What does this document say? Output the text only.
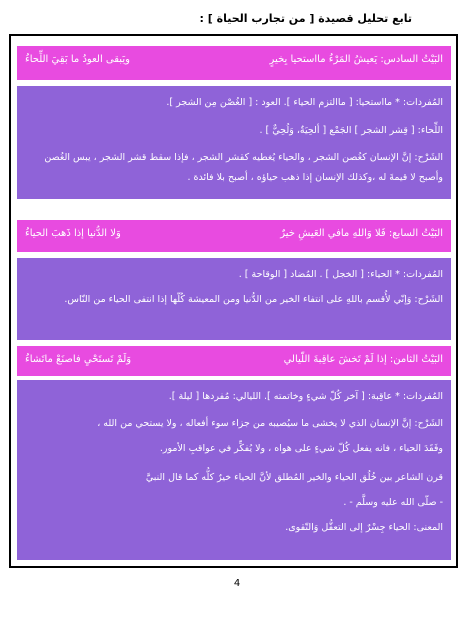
تابع تحليل قصيدة [ من تجارب الحياة ] :
البَيْتُ السادس: يَعيشُ المَرْءُ مااستحيا بِخيرٍ
ويَبقى العودُ ما بَقِيَ اللِّحاءُ
المُفردات: * مااستحيا: [ ماالتزم الحياء ]. العود : [ الغُصْن مِن الشجر ].
اللِّحاء: [ قِشر الشجر ] الجَمْع [ ألحِيَةٌ، وَلُحِيٌّ ] .
الشَرْح: إنَّ الإنسان كغُصن الشجر ، والحياء يُغطيه كقشر الشجر ، فإذا سقط قشر الشجر ، يبس الغُصن وأصبح لا قيمةَ له ،وكذلك الإنسان إذا ذهب حياؤه ، أصبح بلا فائدة .
البَيْتُ السابع: فَلا وَاللهِ مافي العَيشِ خيرٌ
وَلا الدُّنيا إذا ذَهبَ الحياءُ
المُفردات: * الحياء: [ الخجل ] . المُضاد [ الوقاحة ] .
الشَرْح: وَإنّي لأُقسم باللهِ على انتفاء الخير من الدُّنيا ومن المعيشة كُلّها إذا انتفى الحياء من النّاس.
البَيْتُ الثامن: إذا لَمْ تَخشَ عاقِبةَ اللّيالي
وَلَمْ تَستَحْيِ فاصنَعْ ماتَشاءُ
المُفردات: * عاقِبة: [ آخر كُلّ شيءٍ وخاتمته ]. الليالي: مُفردها [ ليلة ].
الشَرْح: إنَّ الإنسان الذي لا يخشى ما سيُصيبه من جزاء سوء أفعاله ، ولا يستحي من الله ،
وفَقَدَ الحياء ، فانه يفعل كُلّ شيءٍ على هواه ، ولا يُفكِّر في عواقبِ الأمور.
قرن الشاعر بين خُلُق الحياء والخير المُطلق لأنَّ الحياء خيرٌ كلُّه كما قال النبيَّ
- صلّى الله عليه وسلَّم - .
المعنى: الحياء جِسْرٌ إلى التعقُّل وَالتّقوى.
4
